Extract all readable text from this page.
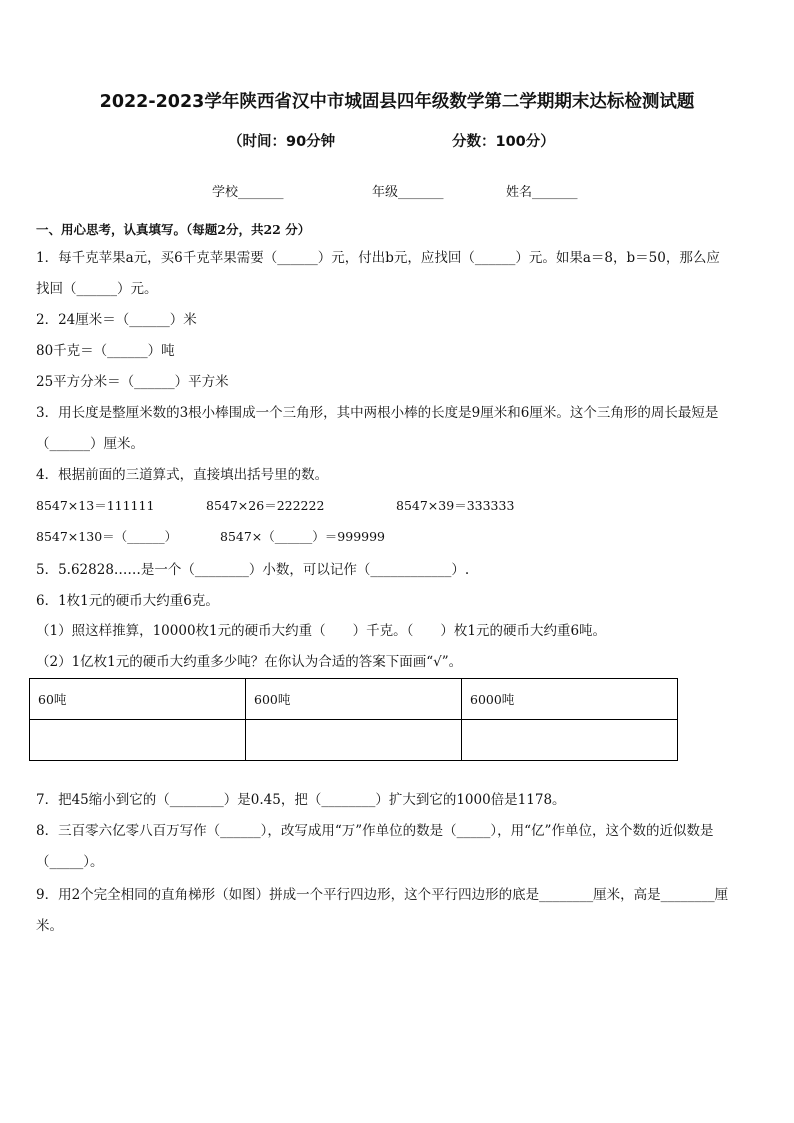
2022-2023学年陕西省汉中市城固县四年级数学第二学期期末达标检测试题
（时间：90分钟	分数：100分）
学校_______	年级_______	姓名_______
一、用心思考，认真填写。（每题2分，共22 分）
1．每千克苹果a元，买6千克苹果需要（______）元，付出b元，应找回（______）元。如果a＝8，b＝50，那么应
找回（______）元。
2．24厘米＝（______）米
80千克＝（______）吨
25平方分米＝（______）平方米
3．用长度是整厘米数的3根小棒围成一个三角形，其中两根小棒的长度是9厘米和6厘米。这个三角形的周长最短是
（______）厘米。
4．根据前面的三道算式，直接填出括号里的数。
8547×13＝111111	8547×26＝222222	8547×39＝333333
8547×130＝（______）	8547×（______）＝999999
5．5.62828……是一个（________）小数，可以记作（____________）.
6．1枚1元的硬币大约重6克。
（1）照这样推算，10000枚1元的硬币大约重（　　）千克。（　　）枚1元的硬币大约重6吨。
（2）1亿枚1元的硬币大约重多少吨？在你认为合适的答案下面画“√”。
60吨	600吨	6000吨

7．把45缩小到它的（________）是0.45，把（________）扩大到它的1000倍是1178。
8．三百零六亿零八百万写作（______），改写成用“万”作单位的数是（_____），用“亿”作单位，这个数的近似数是
（_____）。
9．用2个完全相同的直角梯形（如图）拼成一个平行四边形，这个平行四边形的底是________厘米，高是________厘
米。
